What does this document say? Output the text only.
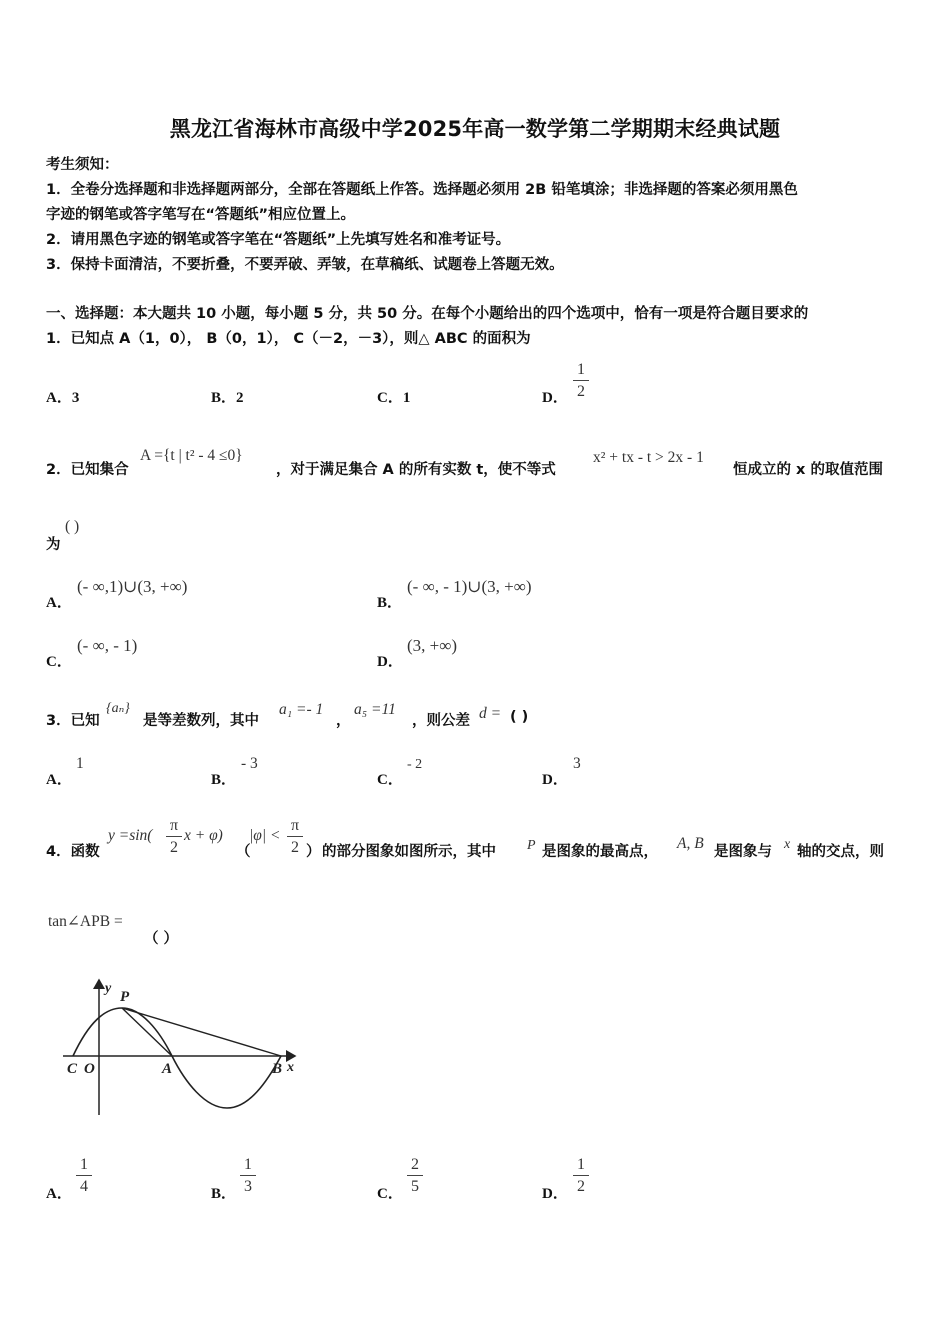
黑龙江省海林市高级中学2025年高一数学第二学期期末经典试题
考生须知：
1．全卷分选择题和非选择题两部分，全部在答题纸上作答。选择题必须用 2B 铅笔填涂；非选择题的答案必须用黑色
字迹的钢笔或答字笔写在“答题纸”相应位置上。
2．请用黑色字迹的钢笔或答字笔在“答题纸”上先填写姓名和准考证号。
3．保持卡面清洁，不要折叠，不要弄破、弄皱，在草稿纸、试题卷上答题无效。
一、选择题：本大题共 10 小题，每小题 5 分，共 50 分。在每个小题给出的四个选项中，恰有一项是符合题目要求的
1．已知点 A（1，0）， B（0，1）， C（－2，－3），则△ ABC 的面积为
A．3	B．2	C．1	D．
1
2
2．已知集合
A ={t | t² - 4 ≤0}
，对于满足集合 A 的所有实数 t，使不等式
x² + tx - t > 2x - 1
恒成立的 x 的取值范围
为
( )
A．
(- ∞,1)∪(3, +∞)
B．
(- ∞, - 1)∪(3, +∞)
C．
(- ∞, - 1)
D．
(3, +∞)
3．已知
{aₙ}
是等差数列，其中
a₁ =- 1
，
a₅ =11
，则公差 d = ( )
A．
1
B．
- 3
C．
- 2
D．
3
4．函数
y =sin(
π
2
x + φ)
（
|φ| <
π
2 ） 的部分图象如图所示，其中 P 是图象的最高点， A, B 是图象与 x 轴的交点，则
tan∠APB =
（ ）
y
P
C O	A	B x
A．
1
4	B．
1
3	C．
2
5	D．
1
2
